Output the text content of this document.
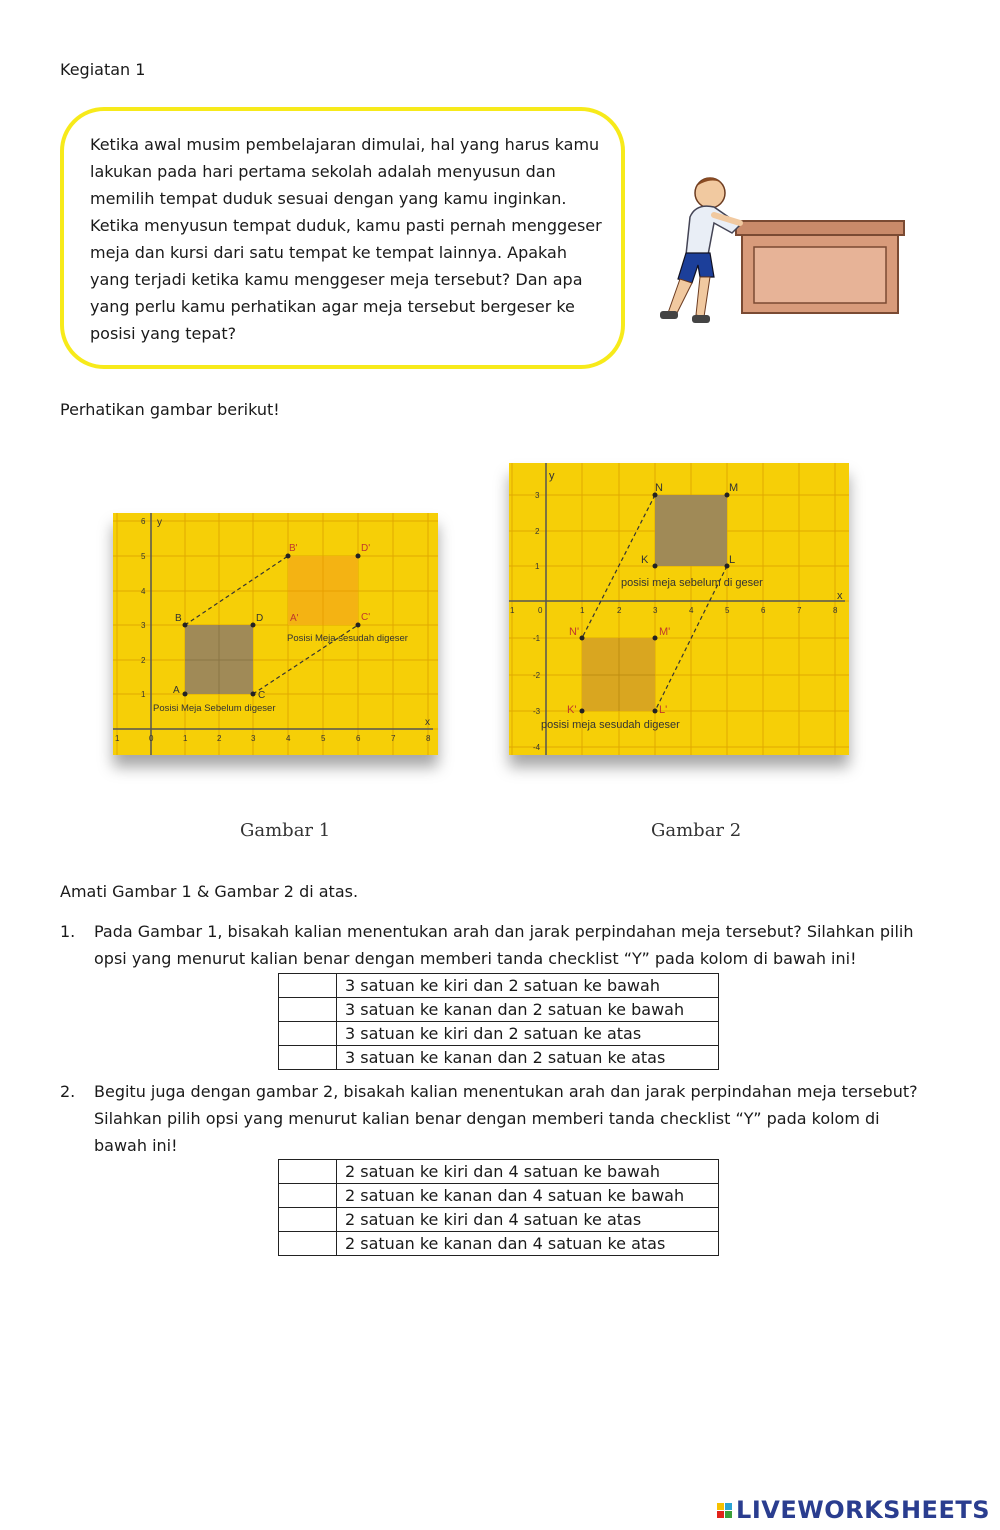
Kegiatan 1
Ketika awal musim pembelajaran dimulai, hal yang harus kamu
lakukan pada hari pertama sekolah adalah menyusun dan
memilih tempat duduk sesuai dengan yang kamu inginkan.
Ketika menyusun tempat duduk, kamu pasti pernah menggeser
meja dan kursi dari satu tempat ke tempat lainnya. Apakah
yang terjadi ketika kamu menggeser meja tersebut? Dan apa
yang perlu kamu perhatikan agar meja tersebut bergeser ke
posisi yang tepat?
Perhatikan gambar berikut!
A
B
C
D	A'
B'
C'
D'
Posisi Meja Sebelum digeser
Posisi Meja sesudah digeser
y
x
1	0	1	2	3	4	5	6	7	8
6
5
4
3
2
1
K	L
M
N
K'	L'
M'
N'
posisi meja sebelum di geser
posisi meja sesudah digeser
y
x
1	0	1	2	3	4	5	6	7	8
3
2
1
-1
-2
-3
-4
Gambar 1	Gambar 2
Amati Gambar 1 & Gambar 2 di atas.
1. Pada Gambar 1, bisakah kalian menentukan arah dan jarak perpindahan meja tersebut? Silahkan pilih
opsi yang menurut kalian benar dengan memberi tanda checklist “Y” pada kolom di bawah ini!
	3 satuan ke kiri dan 2 satuan ke bawah
	3 satuan ke kanan dan 2 satuan ke bawah
	3 satuan ke kiri dan 2 satuan ke atas
	3 satuan ke kanan dan 2 satuan ke atas
2. Begitu juga dengan gambar 2, bisakah kalian menentukan arah dan jarak perpindahan meja tersebut?
Silahkan pilih opsi yang menurut kalian benar dengan memberi tanda checklist “Y” pada kolom di
bawah ini!
	2 satuan ke kiri dan 4 satuan ke bawah
	2 satuan ke kanan dan 4 satuan ke bawah
	2 satuan ke kiri dan 4 satuan ke atas
	2 satuan ke kanan dan 4 satuan ke atas
LIVEWORKSHEETS
